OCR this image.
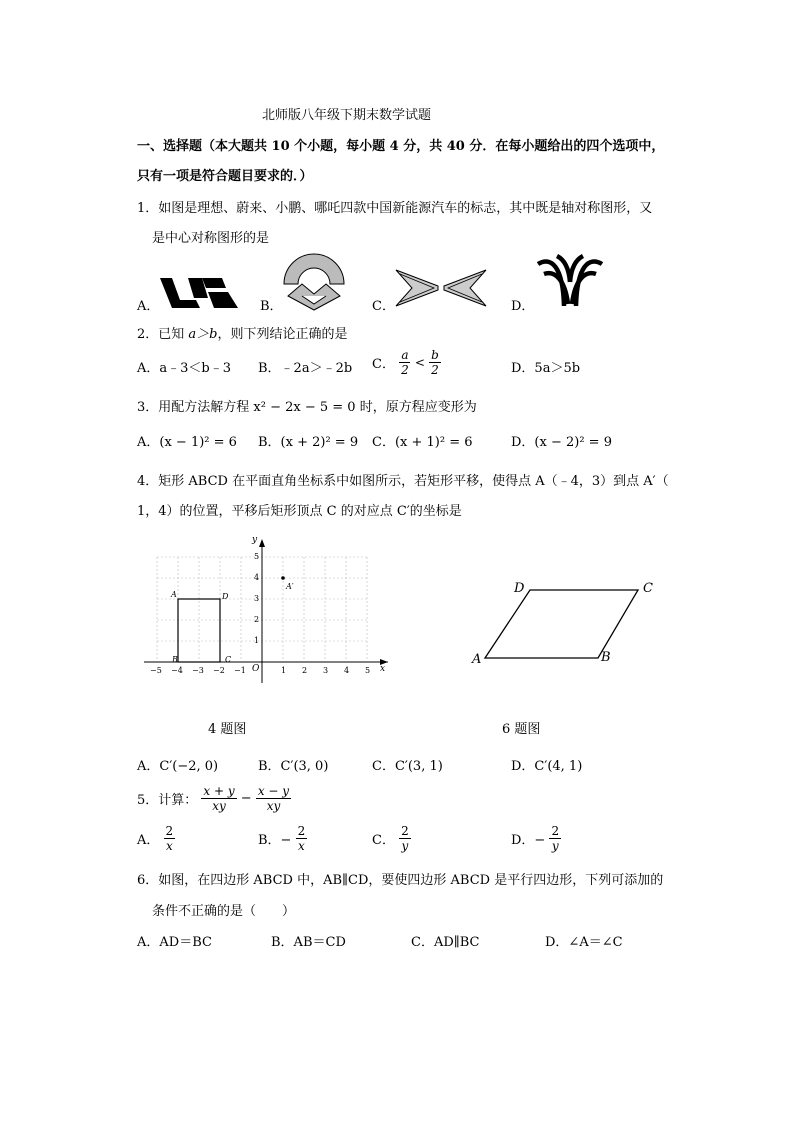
北师版八年级下期末数学试题
一、选择题（本大题共 10 个小题，每小题 4 分，共 40 分．在每小题给出的四个选项中，
只有一项是符合题目要求的．）
1．如图是理想、蔚来、小鹏、哪吒四款中国新能源汽车的标志，其中既是轴对称图形，又
是中心对称图形的是
A．	B．	C．	D．
2．已知 a＞b，则下列结论正确的是
A．a﹣3＜b﹣3 B．﹣2a＞﹣2b C． $\frac{a}{2} < \frac{b}{2}$	D．5a＞5b
3．用配方法解方程 x² − 2x − 5 = 0 时，原方程应变形为
A．(x − 1)² = 6 B．(x + 2)² = 9 C．(x + 1)² = 6	D．(x − 2)² = 9
4．矩形 ABCD 在平面直角坐标系中如图所示，若矩形平移，使得点 A（﹣4，3）到点 A′（
1，4）的位置，平移后矩形顶点 C 的对应点 C′的坐标是
y
x
O
−5 −4 −3 −2 −1	1 2 3 4 5
1
2
3
4
5
A	D
B	C
A′
A	B
C
D
4 题图	6 题图
A．C′(−2, 0)	B．C′(3, 0)	C．C′(3, 1)	D．C′(4, 1)
5．计算： $\frac{x + y}{xy} - \frac{x - y}{xy}$
A． $\frac{2}{x}$	B．− $\frac{2}{x}$	C． $\frac{2}{y}$	D．− $\frac{2}{y}$
6．如图，在四边形 ABCD 中，AB∥CD，要使四边形 ABCD 是平行四边形，下列可添加的
条件不正确的是（　　）
A．AD＝BC	B．AB＝CD	C．AD∥BC	D．∠A＝∠C
